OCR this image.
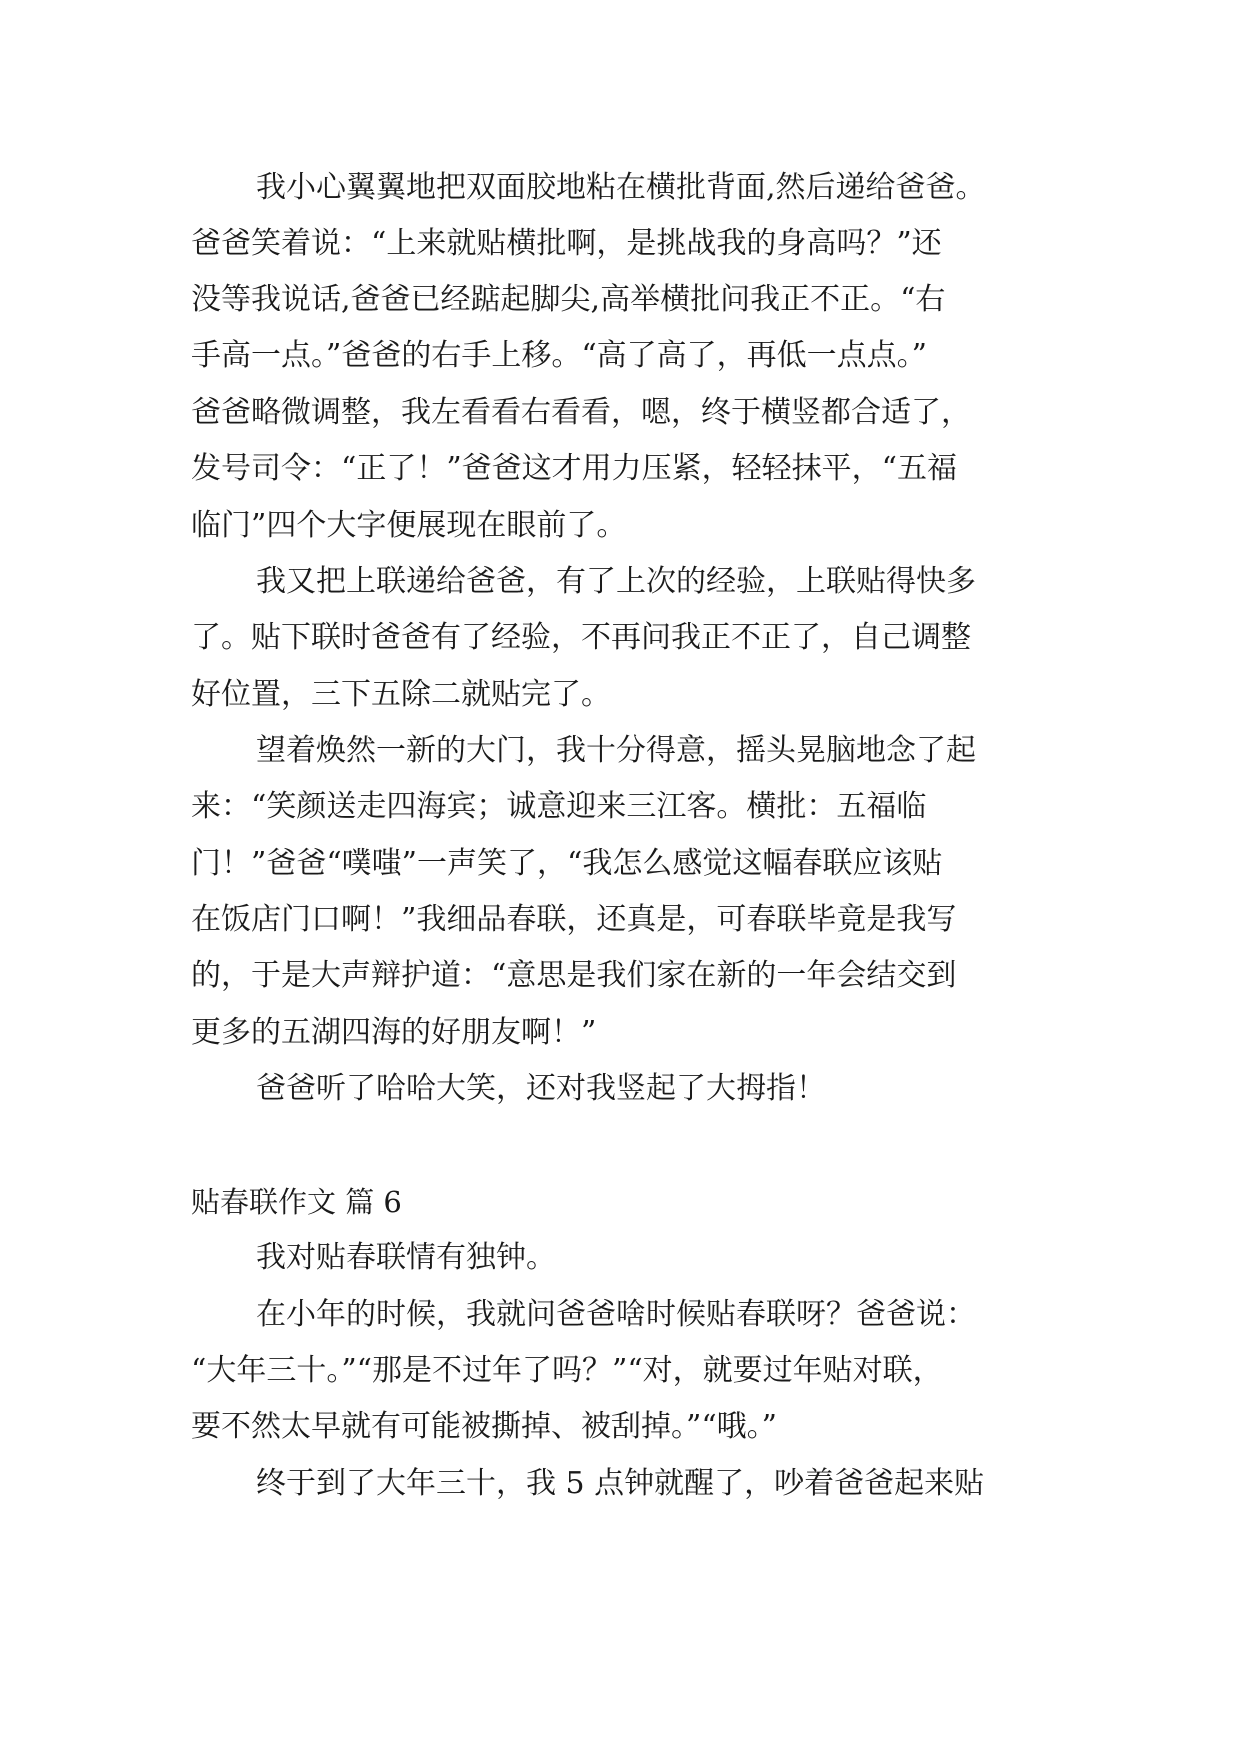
我小心翼翼地把双面胶地粘在横批背面,然后递给爸爸。
爸爸笑着说：“上来就贴横批啊，是挑战我的身高吗？”还
没等我说话,爸爸已经踮起脚尖,高举横批问我正不正。“右
手高一点。”爸爸的右手上移。“高了高了，再低一点点。”
爸爸略微调整，我左看看右看看，嗯，终于横竖都合适了，
发号司令：“正了！”爸爸这才用力压紧，轻轻抹平，“五福
临门”四个大字便展现在眼前了。
我又把上联递给爸爸，有了上次的经验，上联贴得快多
了。贴下联时爸爸有了经验，不再问我正不正了，自己调整
好位置，三下五除二就贴完了。
望着焕然一新的大门，我十分得意，摇头晃脑地念了起
来：“笑颜送走四海宾；诚意迎来三江客。横批：五福临
门！”爸爸“噗嗤”一声笑了，“我怎么感觉这幅春联应该贴
在饭店门口啊！”我细品春联，还真是，可春联毕竟是我写
的，于是大声辩护道：“意思是我们家在新的一年会结交到
更多的五湖四海的好朋友啊！”
爸爸听了哈哈大笑，还对我竖起了大拇指！
贴春联作文 篇 6
我对贴春联情有独钟。
在小年的时候，我就问爸爸啥时候贴春联呀？爸爸说：
“大年三十。”“那是不过年了吗？”“对，就要过年贴对联，
要不然太早就有可能被撕掉、被刮掉。”“哦。”
终于到了大年三十，我 5 点钟就醒了，吵着爸爸起来贴
